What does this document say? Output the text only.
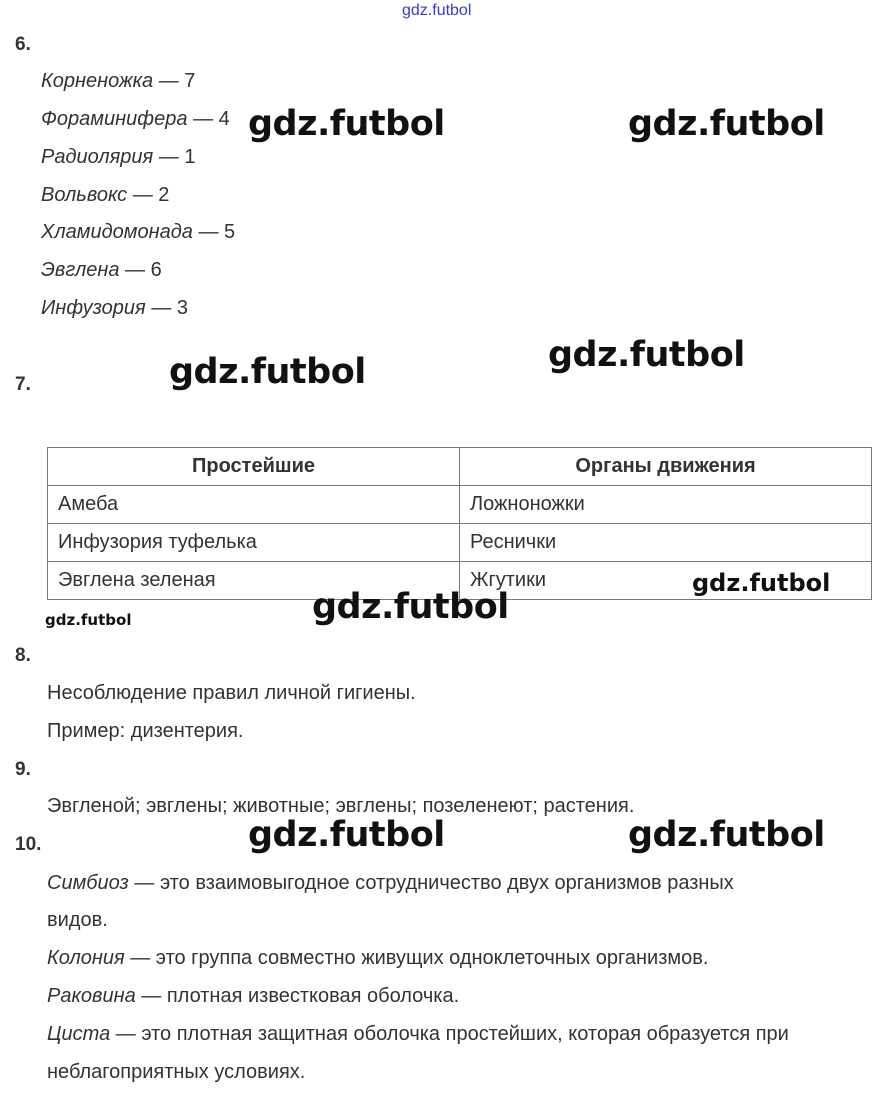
gdz.futbol
6.
Корненожка — 7
Фораминифера — 4
Радиолярия — 1
Вольвокс — 2
Хламидомонада — 5
Эвглена — 6
Инфузория — 3
gdz.futbol	gdz.futbol
7.	gdz.futbol	gdz.futbol
Простейшие	Органы движения
Амеба	Ложноножки
Инфузория туфелька	Реснички
Эвглена зеленая	Жгутики	gdz.futbol
gdz.futbol
gdz.futbol
8.
Несоблюдение правил личной гигиены.
Пример: дизентерия.
9.
Эвгленой; эвглены; животные; эвглены; позеленеют; растения.
10.	gdz.futbol	gdz.futbol
Симбиоз — это взаимовыгодное сотрудничество двух организмов разных
видов.
Колония — это группа совместно живущих одноклеточных организмов.
Раковина — плотная известковая оболочка.
Циста — это плотная защитная оболочка простейших, которая образуется при
неблагоприятных условиях.
